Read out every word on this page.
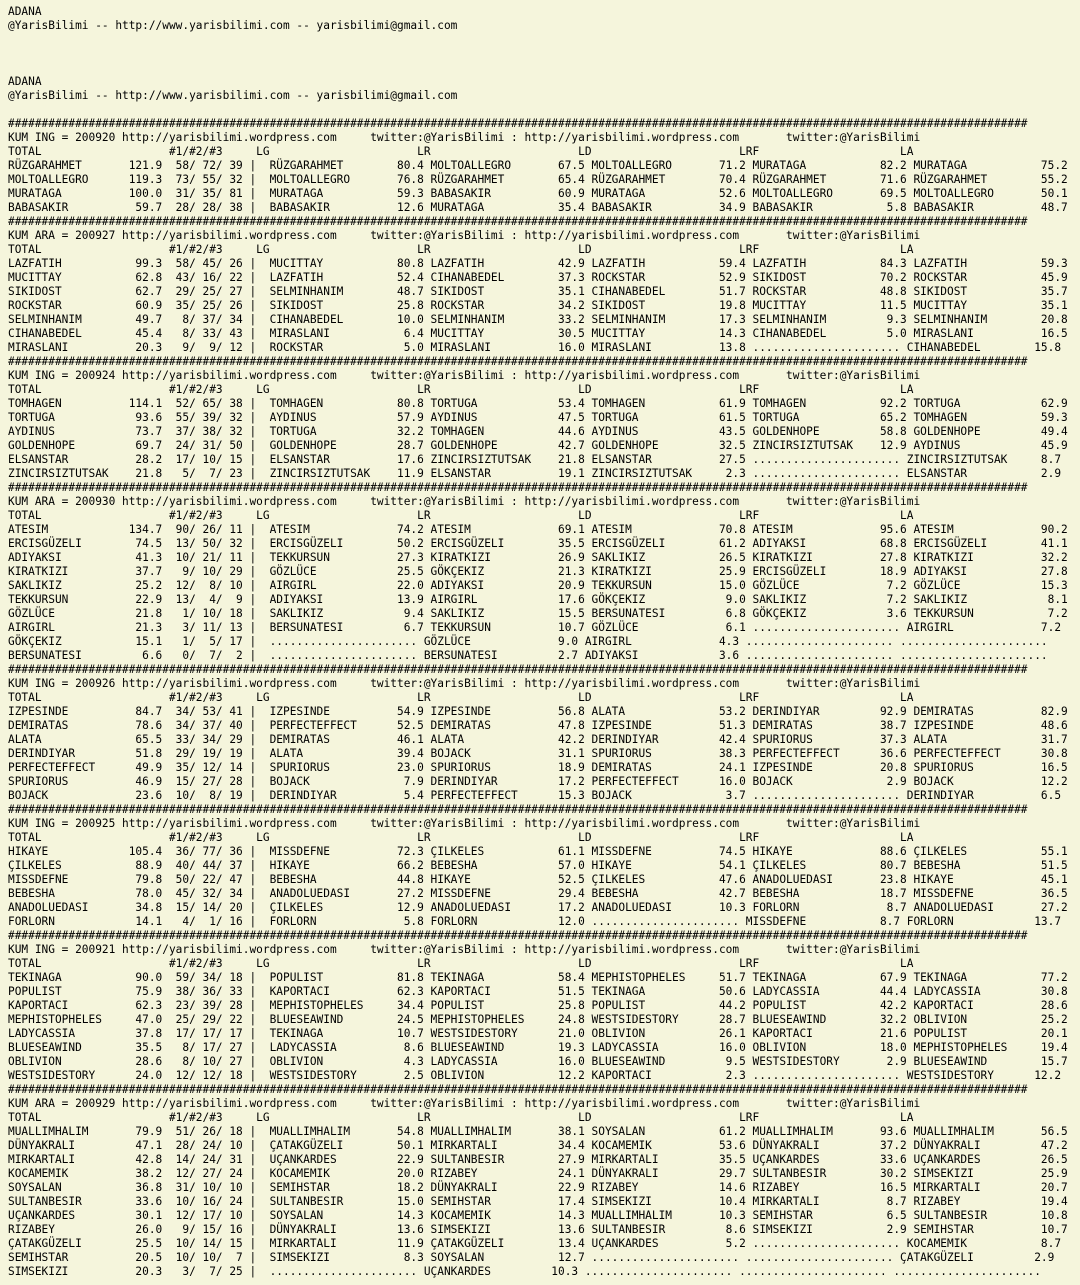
ADANA
@YarisBilimi -- http://www.yarisbilimi.com -- yarisbilimi@gmail.com
ADANA
@YarisBilimi -- http://www.yarisbilimi.com -- yarisbilimi@gmail.com
########################################################################################################################################################
KUM ING = 200920 http://yarisbilimi.wordpress.com     twitter:@YarisBilimi : http://yarisbilimi.wordpress.com       twitter:@YarisBilimi
TOTAL                   #1/#2/#3     LG                      LR                      LD                      LRF                     LA
RÜZGARAHMET       121.9  58/ 72/ 39 |  RÜZGARAHMET        80.4 MOLTOALLEGRO       67.5 MOLTOALLEGRO       71.2 MURATAGA           82.2 MURATAGA           75.2
MOLTOALLEGRO      119.3  73/ 55/ 32 |  MOLTOALLEGRO       76.8 RÜZGARAHMET        65.4 RÜZGARAHMET        70.4 RÜZGARAHMET        71.6 RÜZGARAHMET        55.2
MURATAGA          100.0  31/ 35/ 81 |  MURATAGA           59.3 BABASAKIR          60.9 MURATAGA           52.6 MOLTOALLEGRO       69.5 MOLTOALLEGRO       50.1
BABASAKIR          59.7  28/ 28/ 38 |  BABASAKIR          12.6 MURATAGA           35.4 BABASAKIR          34.9 BABASAKIR           5.8 BABASAKIR          48.7
########################################################################################################################################################
KUM ARA = 200927 http://yarisbilimi.wordpress.com     twitter:@YarisBilimi : http://yarisbilimi.wordpress.com       twitter:@YarisBilimi
TOTAL                   #1/#2/#3     LG                      LR                      LD                      LRF                     LA
LAZFATIH           99.3  58/ 45/ 26 |  MUCITTAY           80.8 LAZFATIH           42.9 LAZFATIH           59.4 LAZFATIH           84.3 LAZFATIH           59.3
MUCITTAY           62.8  43/ 16/ 22 |  LAZFATIH           52.4 CIHANABEDEL        37.3 ROCKSTAR           52.9 SIKIDOST           70.2 ROCKSTAR           45.9
SIKIDOST           62.7  29/ 25/ 27 |  SELMINHANIM        48.7 SIKIDOST           35.1 CIHANABEDEL        51.7 ROCKSTAR           48.8 SIKIDOST           35.7
ROCKSTAR           60.9  35/ 25/ 26 |  SIKIDOST           25.8 ROCKSTAR           34.2 SIKIDOST           19.8 MUCITTAY           11.5 MUCITTAY           35.1
SELMINHANIM        49.7   8/ 37/ 34 |  CIHANABEDEL        10.0 SELMINHANIM        33.2 SELMINHANIM        17.3 SELMINHANIM         9.3 SELMINHANIM        20.8
CIHANABEDEL        45.4   8/ 33/ 43 |  MIRASLANI           6.4 MUCITTAY           30.5 MUCITTAY           14.3 CIHANABEDEL         5.0 MIRASLANI          16.5
MIRASLANI          20.3   9/  9/ 12 |  ROCKSTAR            5.0 MIRASLANI          16.0 MIRASLANI          13.8 ...................... CIHANABEDEL        15.8
########################################################################################################################################################
KUM ING = 200924 http://yarisbilimi.wordpress.com     twitter:@YarisBilimi : http://yarisbilimi.wordpress.com       twitter:@YarisBilimi
TOTAL                   #1/#2/#3     LG                      LR                      LD                      LRF                     LA
TOMHAGEN          114.1  52/ 65/ 38 |  TOMHAGEN           80.8 TORTUGA            53.4 TOMHAGEN           61.9 TOMHAGEN           92.2 TORTUGA            62.9
TORTUGA            93.6  55/ 39/ 32 |  AYDINUS            57.9 AYDINUS            47.5 TORTUGA            61.5 TORTUGA            65.2 TOMHAGEN           59.3
AYDINUS            73.7  37/ 38/ 32 |  TORTUGA            32.2 TOMHAGEN           44.6 AYDINUS            43.5 GOLDENHOPE         58.8 GOLDENHOPE         49.4
GOLDENHOPE         69.7  24/ 31/ 50 |  GOLDENHOPE         28.7 GOLDENHOPE         42.7 GOLDENHOPE         32.5 ZINCIRSIZTUTSAK    12.9 AYDINUS            45.9
ELSANSTAR          28.2  17/ 10/ 15 |  ELSANSTAR          17.6 ZINCIRSIZTUTSAK    21.8 ELSANSTAR          27.5 ...................... ZINCIRSIZTUTSAK     8.7
ZINCIRSIZTUTSAK    21.8   5/  7/ 23 |  ZINCIRSIZTUTSAK    11.9 ELSANSTAR          19.1 ZINCIRSIZTUTSAK     2.3 ...................... ELSANSTAR           2.9
########################################################################################################################################################
KUM ARA = 200930 http://yarisbilimi.wordpress.com     twitter:@YarisBilimi : http://yarisbilimi.wordpress.com       twitter:@YarisBilimi
TOTAL                   #1/#2/#3     LG                      LR                      LD                      LRF                     LA
ATESIM            134.7  90/ 26/ 11 |  ATESIM             74.2 ATESIM             69.1 ATESIM             70.8 ATESIM             95.6 ATESIM             90.2
ERCISGÜZELI        74.5  13/ 50/ 32 |  ERCISGÜZELI        50.2 ERCISGÜZELI        35.5 ERCISGÜZELI        61.2 ADIYAKSI           68.8 ERCISGÜZELI        41.1
ADIYAKSI           41.3  10/ 21/ 11 |  TEKKURSUN          27.3 KIRATKIZI          26.9 SAKLIKIZ           26.5 KIRATKIZI          27.8 KIRATKIZI          32.2
KIRATKIZI          37.7   9/ 10/ 29 |  GÖZLÜCE            25.5 GÖKÇEKIZ           21.3 KIRATKIZI          25.9 ERCISGÜZELI        18.9 ADIYAKSI           27.8
SAKLIKIZ           25.2  12/  8/ 10 |  AIRGIRL            22.0 ADIYAKSI           20.9 TEKKURSUN          15.0 GÖZLÜCE             7.2 GÖZLÜCE            15.3
TEKKURSUN          22.9  13/  4/  9 |  ADIYAKSI           13.9 AIRGIRL            17.6 GÖKÇEKIZ            9.0 SAKLIKIZ            7.2 SAKLIKIZ            8.1
GÖZLÜCE            21.8   1/ 10/ 18 |  SAKLIKIZ            9.4 SAKLIKIZ           15.5 BERSUNATESI         6.8 GÖKÇEKIZ            3.6 TEKKURSUN           7.2
AIRGIRL            21.3   3/ 11/ 13 |  BERSUNATESI         6.7 TEKKURSUN          10.7 GÖZLÜCE             6.1 ...................... AIRGIRL             7.2
GÖKÇEKIZ           15.1   1/  5/ 17 |  ...................... GÖZLÜCE             9.0 AIRGIRL             4.3 ...................... ......................
BERSUNATESI         6.6   0/  7/  2 |  ...................... BERSUNATESI         2.7 ADIYAKSI            3.6 ...................... ......................
########################################################################################################################################################
KUM ING = 200926 http://yarisbilimi.wordpress.com     twitter:@YarisBilimi : http://yarisbilimi.wordpress.com       twitter:@YarisBilimi
TOTAL                   #1/#2/#3     LG                      LR                      LD                      LRF                     LA
IZPESINDE          84.7  34/ 53/ 41 |  IZPESINDE          54.9 IZPESINDE          56.8 ALATA              53.2 DERINDIYAR         92.9 DEMIRATAS          82.9
DEMIRATAS          78.6  34/ 37/ 40 |  PERFECTEFFECT      52.5 DEMIRATAS          47.8 IZPESINDE          51.3 DEMIRATAS          38.7 IZPESINDE          48.6
ALATA              65.5  33/ 34/ 29 |  DEMIRATAS          46.1 ALATA              42.2 DERINDIYAR         42.4 SPURIORUS          37.3 ALATA              31.7
DERINDIYAR         51.8  29/ 19/ 19 |  ALATA              39.4 BOJACK             31.1 SPURIORUS          38.3 PERFECTEFFECT      36.6 PERFECTEFFECT      30.8
PERFECTEFFECT      49.9  35/ 12/ 14 |  SPURIORUS          23.0 SPURIORUS          18.9 DEMIRATAS          24.1 IZPESINDE          20.8 SPURIORUS          16.5
SPURIORUS          46.9  15/ 27/ 28 |  BOJACK              7.9 DERINDIYAR         17.2 PERFECTEFFECT      16.0 BOJACK              2.9 BOJACK             12.2
BOJACK             23.6  10/  8/ 19 |  DERINDIYAR          5.4 PERFECTEFFECT      15.3 BOJACK              3.7 ...................... DERINDIYAR          6.5
########################################################################################################################################################
KUM ING = 200925 http://yarisbilimi.wordpress.com     twitter:@YarisBilimi : http://yarisbilimi.wordpress.com       twitter:@YarisBilimi
TOTAL                   #1/#2/#3     LG                      LR                      LD                      LRF                     LA
HIKAYE            105.4  36/ 77/ 36 |  MISSDEFNE          72.3 ÇILKELES           61.1 MISSDEFNE          74.5 HIKAYE             88.6 ÇILKELES           55.1
ÇILKELES           88.9  40/ 44/ 37 |  HIKAYE             66.2 BEBESHA            57.0 HIKAYE             54.1 ÇILKELES           80.7 BEBESHA            51.5
MISSDEFNE          79.8  50/ 22/ 47 |  BEBESHA            44.8 HIKAYE             52.5 ÇILKELES           47.6 ANADOLUEDASI       23.8 HIKAYE             45.1
BEBESHA            78.0  45/ 32/ 34 |  ANADOLUEDASI       27.2 MISSDEFNE          29.4 BEBESHA            42.7 BEBESHA            18.7 MISSDEFNE          36.5
ANADOLUEDASI       34.8  15/ 14/ 20 |  ÇILKELES           12.9 ANADOLUEDASI       17.2 ANADOLUEDASI       10.3 FORLORN             8.7 ANADOLUEDASI       27.2
FORLORN            14.1   4/  1/ 16 |  FORLORN             5.8 FORLORN            12.0 ...................... MISSDEFNE           8.7 FORLORN            13.7
########################################################################################################################################################
KUM ING = 200921 http://yarisbilimi.wordpress.com     twitter:@YarisBilimi : http://yarisbilimi.wordpress.com       twitter:@YarisBilimi
TOTAL                   #1/#2/#3     LG                      LR                      LD                      LRF                     LA
TEKINAGA           90.0  59/ 34/ 18 |  POPULIST           81.8 TEKINAGA           58.4 MEPHISTOPHELES     51.7 TEKINAGA           67.9 TEKINAGA           77.2
POPULIST           75.9  38/ 36/ 33 |  KAPORTACI          62.3 KAPORTACI          51.5 TEKINAGA           50.6 LADYCASSIA         44.4 LADYCASSIA         30.8
KAPORTACI          62.3  23/ 39/ 28 |  MEPHISTOPHELES     34.4 POPULIST           25.8 POPULIST           44.2 POPULIST           42.2 KAPORTACI          28.6
MEPHISTOPHELES     47.0  25/ 29/ 22 |  BLUESEAWIND        24.5 MEPHISTOPHELES     24.8 WESTSIDESTORY      28.7 BLUESEAWIND        32.2 OBLIVION           25.2
LADYCASSIA         37.8  17/ 17/ 17 |  TEKINAGA           10.7 WESTSIDESTORY      21.0 OBLIVION           26.1 KAPORTACI          21.6 POPULIST           20.1
BLUESEAWIND        35.5   8/ 17/ 27 |  LADYCASSIA          8.6 BLUESEAWIND        19.3 LADYCASSIA         16.0 OBLIVION           18.0 MEPHISTOPHELES     19.4
OBLIVION           28.6   8/ 10/ 27 |  OBLIVION            4.3 LADYCASSIA         16.0 BLUESEAWIND         9.5 WESTSIDESTORY       2.9 BLUESEAWIND        15.7
WESTSIDESTORY      24.0  12/ 12/ 18 |  WESTSIDESTORY       2.5 OBLIVION           12.2 KAPORTACI           2.3 ...................... WESTSIDESTORY      12.2
########################################################################################################################################################
KUM ARA = 200929 http://yarisbilimi.wordpress.com     twitter:@YarisBilimi : http://yarisbilimi.wordpress.com       twitter:@YarisBilimi
TOTAL                   #1/#2/#3     LG                      LR                      LD                      LRF                     LA
MUALLIMHALIM       79.9  51/ 26/ 18 |  MUALLIMHALIM       54.8 MUALLIMHALIM       38.1 SOYSALAN           61.2 MUALLIMHALIM       93.6 MUALLIMHALIM       56.5
DÜNYAKRALI         47.1  28/ 24/ 10 |  ÇATAKGÜZELI        50.1 MIRKARTALI         34.4 KOCAMEMIK          53.6 DÜNYAKRALI         37.2 DÜNYAKRALI         47.2
MIRKARTALI         42.8  14/ 24/ 31 |  UÇANKARDES         22.9 SULTANBESIR        27.9 MIRKARTALI         35.5 UÇANKARDES         33.6 UÇANKARDES         26.5
KOCAMEMIK          38.2  12/ 27/ 24 |  KOCAMEMIK          20.0 RIZABEY            24.1 DÜNYAKRALI         29.7 SULTANBESIR        30.2 SIMSEKIZI          25.9
SOYSALAN           36.8  31/ 10/ 10 |  SEMIHSTAR          18.2 DÜNYAKRALI         22.9 RIZABEY            14.6 RIZABEY            16.5 MIRKARTALI         20.7
SULTANBESIR        33.6  10/ 16/ 24 |  SULTANBESIR        15.0 SEMIHSTAR          17.4 SIMSEKIZI          10.4 MIRKARTALI          8.7 RIZABEY            19.4
UÇANKARDES         30.1  12/ 17/ 10 |  SOYSALAN           14.3 KOCAMEMIK          14.3 MUALLIMHALIM       10.3 SEMIHSTAR           6.5 SULTANBESIR        10.8
RIZABEY            26.0   9/ 15/ 16 |  DÜNYAKRALI         13.6 SIMSEKIZI          13.6 SULTANBESIR         8.6 SIMSEKIZI           2.9 SEMIHSTAR          10.7
ÇATAKGÜZELI        25.5  10/ 14/ 15 |  MIRKARTALI         11.9 ÇATAKGÜZELI        13.4 UÇANKARDES          5.2 ...................... KOCAMEMIK           8.7
SEMIHSTAR          20.5  10/ 10/  7 |  SIMSEKIZI           8.3 SOYSALAN           12.7 ...................... ...................... ÇATAKGÜZELI         2.9
SIMSEKIZI          20.3   3/  7/ 25 |  ...................... UÇANKARDES         10.3 ...................... ...................... ......................
